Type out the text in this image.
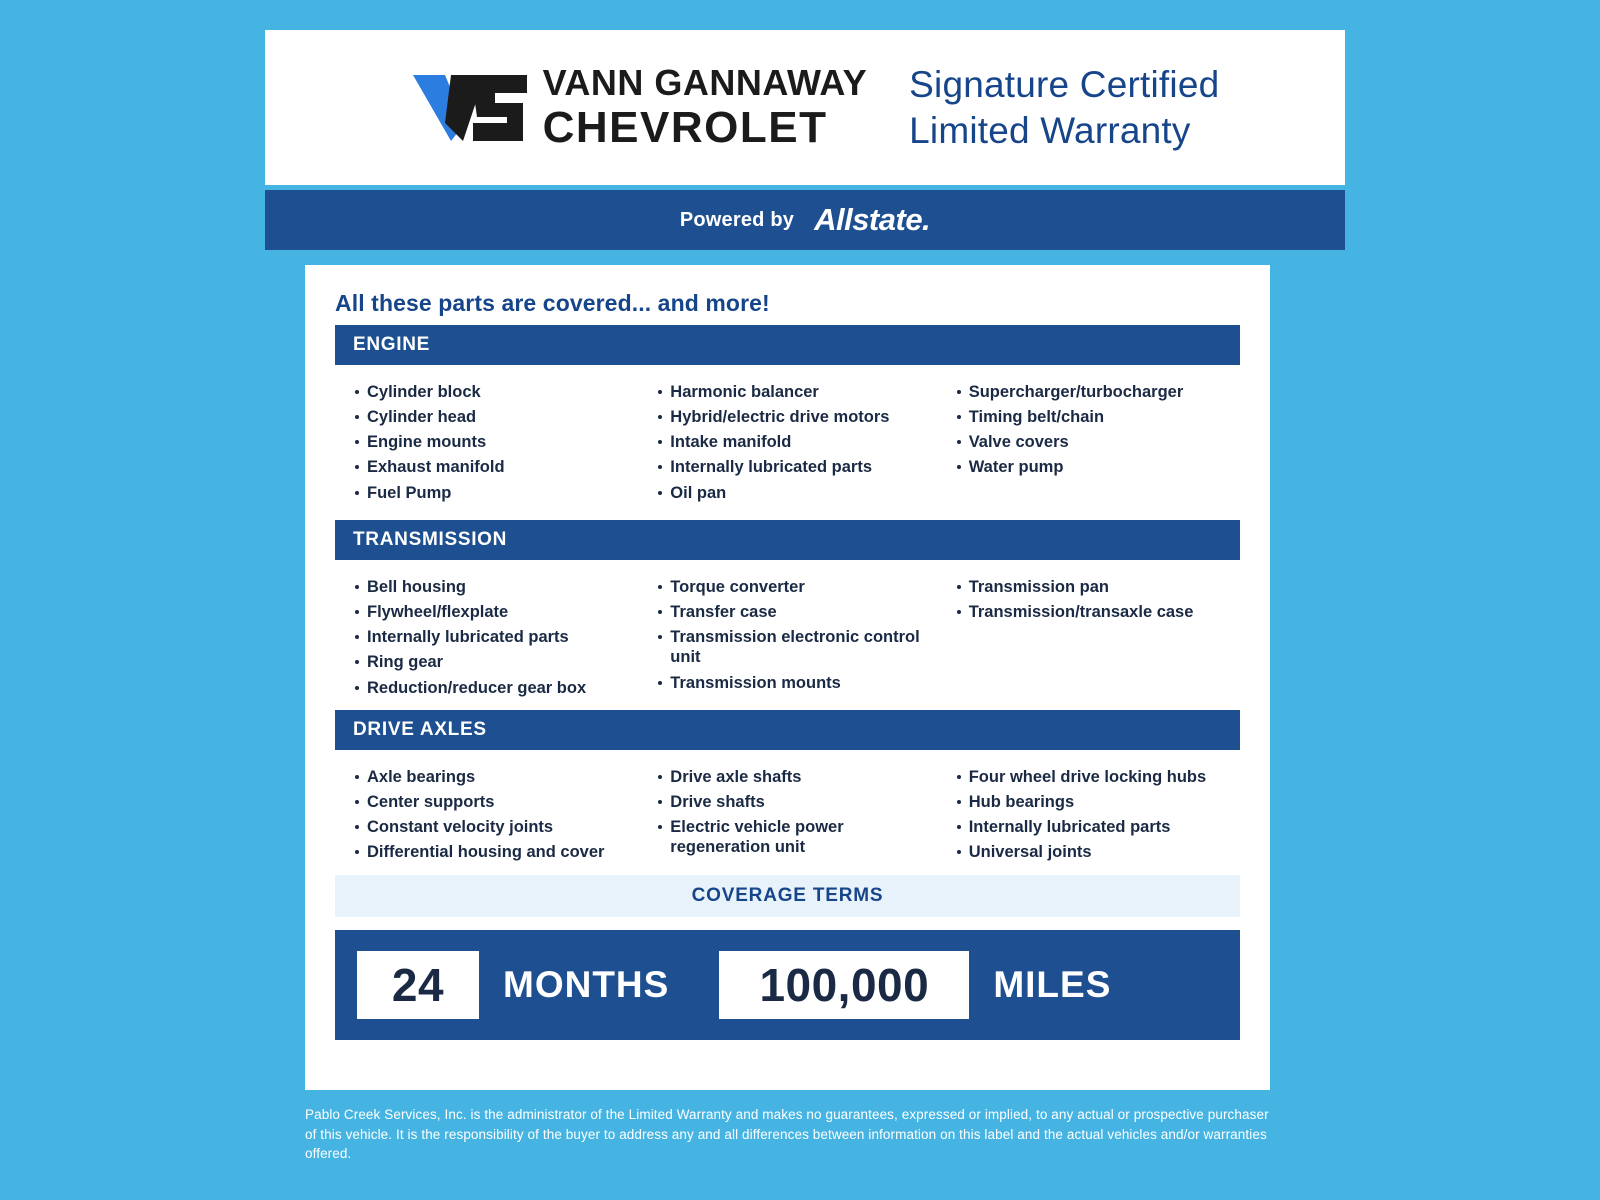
VANN GANNAWAY
CHEVROLET
Signature Certified
Limited Warranty
Powered by Allstate.
All these parts are covered... and more!
ENGINE
Cylinder block
Cylinder head
Engine mounts
Exhaust manifold
Fuel Pump
Harmonic balancer
Hybrid/electric drive motors
Intake manifold
Internally lubricated parts
Oil pan
Supercharger/turbocharger
Timing belt/chain
Valve covers
Water pump
TRANSMISSION
Bell housing
Flywheel/flexplate
Internally lubricated parts
Ring gear
Reduction/reducer gear box
Torque converter
Transfer case
Transmission electronic control unit
Transmission mounts
Transmission pan
Transmission/transaxle case
DRIVE AXLES
Axle bearings
Center supports
Constant velocity joints
Differential housing and cover
Drive axle shafts
Drive shafts
Electric vehicle power regeneration unit
Four wheel drive locking hubs
Hub bearings
Internally lubricated parts
Universal joints
COVERAGE TERMS
24	MONTHS	100,000	MILES
Pablo Creek Services, Inc. is the administrator of the Limited Warranty and makes no guarantees, expressed or implied, to any actual or prospective purchaser of this vehicle. It is the responsibility of the buyer to address any and all differences between information on this label and the actual vehicles and/or warranties offered.
